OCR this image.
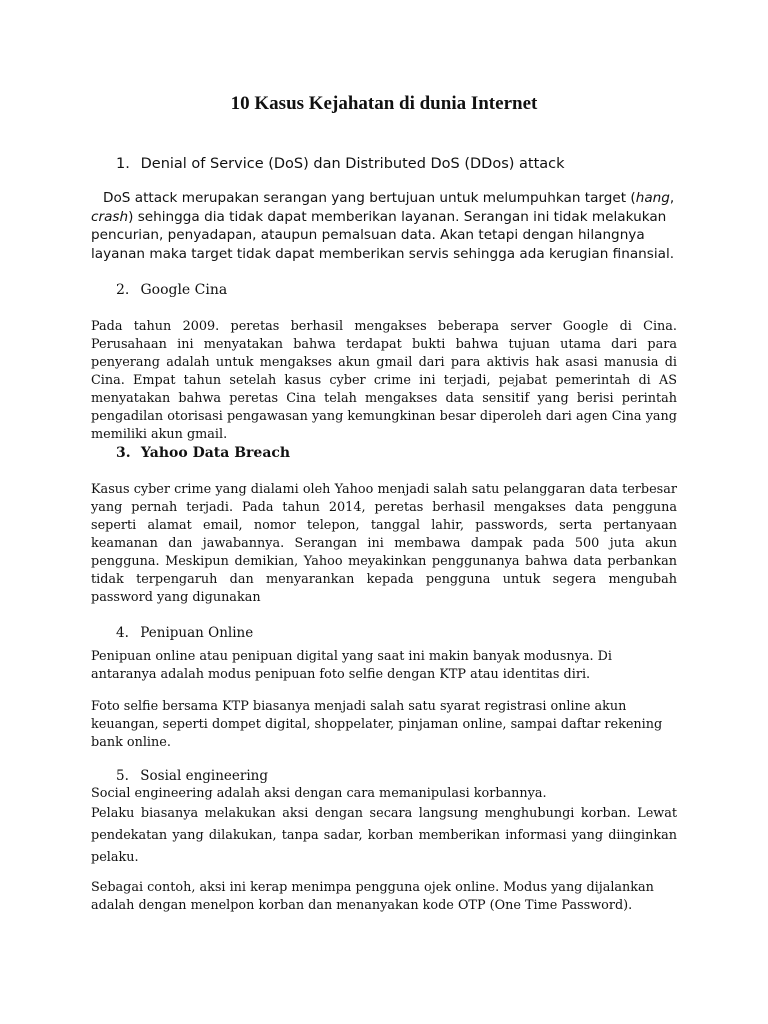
10 Kasus Kejahatan di dunia Internet
1. Denial of Service (DoS) dan Distributed DoS (DDos) attack

DoS attack merupakan serangan yang bertujuan untuk melumpuhkan target (hang, crash) sehingga dia tidak dapat memberikan layanan. Serangan ini tidak melakukan pencurian, penyadapan, ataupun pemalsuan data. Akan tetapi dengan hilangnya layanan maka target tidak dapat memberikan servis sehingga ada kerugian finansial.

2. Google Cina

Pada tahun 2009. peretas berhasil mengakses beberapa server Google di Cina. Perusahaan ini menyatakan bahwa terdapat bukti bahwa tujuan utama dari para penyerang adalah untuk mengakses akun gmail dari para aktivis hak asasi manusia di Cina. Empat tahun setelah kasus cyber crime ini terjadi, pejabat pemerintah di AS menyatakan bahwa peretas Cina telah mengakses data sensitif yang berisi perintah pengadilan otorisasi pengawasan yang kemungkinan besar diperoleh dari agen Cina yang memiliki akun gmail.

3. Yahoo Data Breach

Kasus cyber crime yang dialami oleh Yahoo menjadi salah satu pelanggaran data terbesar yang pernah terjadi. Pada tahun 2014, peretas berhasil mengakses data pengguna seperti alamat email, nomor telepon, tanggal lahir, passwords, serta pertanyaan keamanan dan jawabannya. Serangan ini membawa dampak pada 500 juta akun pengguna. Meskipun demikian, Yahoo meyakinkan penggunanya bahwa data perbankan tidak terpengaruh dan menyarankan kepada pengguna untuk segera mengubah password yang digunakan

4. Penipuan Online

Penipuan online atau penipuan digital yang saat ini makin banyak modusnya. Di antaranya adalah modus penipuan foto selfie dengan KTP atau identitas diri.

Foto selfie bersama KTP biasanya menjadi salah satu syarat registrasi online akun keuangan, seperti dompet digital, shoppelater, pinjaman online, sampai daftar rekening bank online.

5. Sosial engineering

Social engineering adalah aksi dengan cara memanipulasi korbannya.

Pelaku biasanya melakukan aksi dengan secara langsung menghubungi korban. Lewat pendekatan yang dilakukan, tanpa sadar, korban memberikan informasi yang diinginkan pelaku.

Sebagai contoh, aksi ini kerap menimpa pengguna ojek online. Modus yang dijalankan adalah dengan menelpon korban dan menanyakan kode OTP (One Time Password).
